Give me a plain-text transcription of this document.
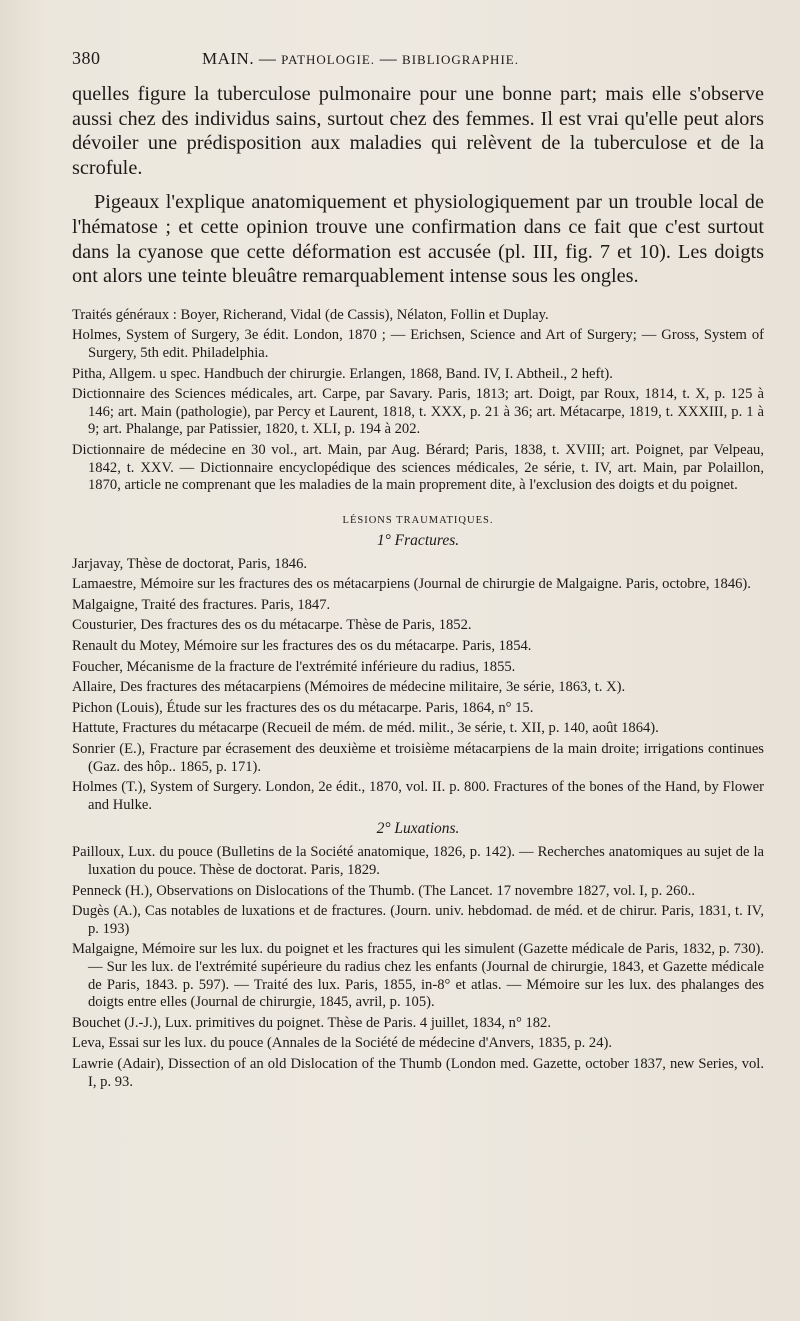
380	MAIN. — PATHOLOGIE. — BIBLIOGRAPHIE.

quelles figure la tuberculose pulmonaire pour une bonne part; mais elle s'observe aussi chez des individus sains, surtout chez des femmes. Il est vrai qu'elle peut alors dévoiler une prédisposition aux maladies qui relèvent de la tuberculose et de la scrofule.

Pigeaux l'explique anatomiquement et physiologiquement par un trouble local de l'hématose ; et cette opinion trouve une confirmation dans ce fait que c'est surtout dans la cyanose que cette déformation est accusée (pl. III, fig. 7 et 10). Les doigts ont alors une teinte bleuâtre remarquablement intense sous les ongles.

Traités généraux : Boyer, Richerand, Vidal (de Cassis), Nélaton, Follin et Duplay.

Holmes, System of Surgery, 3e édit. London, 1870 ; — Erichsen, Science and Art of Surgery; — Gross, System of Surgery, 5th edit. Philadelphia.

Pitha, Allgem. u spec. Handbuch der chirurgie. Erlangen, 1868, Band. IV, I. Abtheil., 2 heft).

Dictionnaire des Sciences médicales, art. Carpe, par Savary. Paris, 1813; art. Doigt, par Roux, 1814, t. X, p. 125 à 146; art. Main (pathologie), par Percy et Laurent, 1818, t. XXX, p. 21 à 36; art. Métacarpe, 1819, t. XXXIII, p. 1 à 9; art. Phalange, par Patissier, 1820, t. XLI, p. 194 à 202.

Dictionnaire de médecine en 30 vol., art. Main, par Aug. Bérard; Paris, 1838, t. XVIII; art. Poignet, par Velpeau, 1842, t. XXV. — Dictionnaire encyclopédique des sciences médicales, 2e série, t. IV, art. Main, par Polaillon, 1870, article ne comprenant que les maladies de la main proprement dite, à l'exclusion des doigts et du poignet.

LÉSIONS TRAUMATIQUES.
1° Fractures.

Jarjavay, Thèse de doctorat, Paris, 1846.

Lamaestre, Mémoire sur les fractures des os métacarpiens (Journal de chirurgie de Malgaigne. Paris, octobre, 1846).

Malgaigne, Traité des fractures. Paris, 1847.

Cousturier, Des fractures des os du métacarpe. Thèse de Paris, 1852.

Renault du Motey, Mémoire sur les fractures des os du métacarpe. Paris, 1854.

Foucher, Mécanisme de la fracture de l'extrémité inférieure du radius, 1855.

Allaire, Des fractures des métacarpiens (Mémoires de médecine militaire, 3e série, 1863, t. X).

Pichon (Louis), Étude sur les fractures des os du métacarpe. Paris, 1864, n° 15.

Hattute, Fractures du métacarpe (Recueil de mém. de méd. milit., 3e série, t. XII, p. 140, août 1864).

Sonrier (E.), Fracture par écrasement des deuxième et troisième métacarpiens de la main droite; irrigations continues (Gaz. des hôp.. 1865, p. 171).

Holmes (T.), System of Surgery. London, 2e édit., 1870, vol. II. p. 800. Fractures of the bones of the Hand, by Flower and Hulke.

2° Luxations.

Pailloux, Lux. du pouce (Bulletins de la Société anatomique, 1826, p. 142). — Recherches anatomiques au sujet de la luxation du pouce. Thèse de doctorat. Paris, 1829.

Penneck (H.), Observations on Dislocations of the Thumb. (The Lancet. 17 novembre 1827, vol. I, p. 260..

Dugès (A.), Cas notables de luxations et de fractures. (Journ. univ. hebdomad. de méd. et de chirur. Paris, 1831, t. IV, p. 193)

Malgaigne, Mémoire sur les lux. du poignet et les fractures qui les simulent (Gazette médicale de Paris, 1832, p. 730). — Sur les lux. de l'extrémité supérieure du radius chez les enfants (Journal de chirurgie, 1843, et Gazette médicale de Paris, 1843. p. 597). — Traité des lux. Paris, 1855, in-8° et atlas. — Mémoire sur les lux. des phalanges des doigts entre elles (Journal de chirurgie, 1845, avril, p. 105).

Bouchet (J.-J.), Lux. primitives du poignet. Thèse de Paris. 4 juillet, 1834, n° 182.

Leva, Essai sur les lux. du pouce (Annales de la Société de médecine d'Anvers, 1835, p. 24).

Lawrie (Adair), Dissection of an old Dislocation of the Thumb (London med. Gazette, october 1837, new Series, vol. I, p. 93.
